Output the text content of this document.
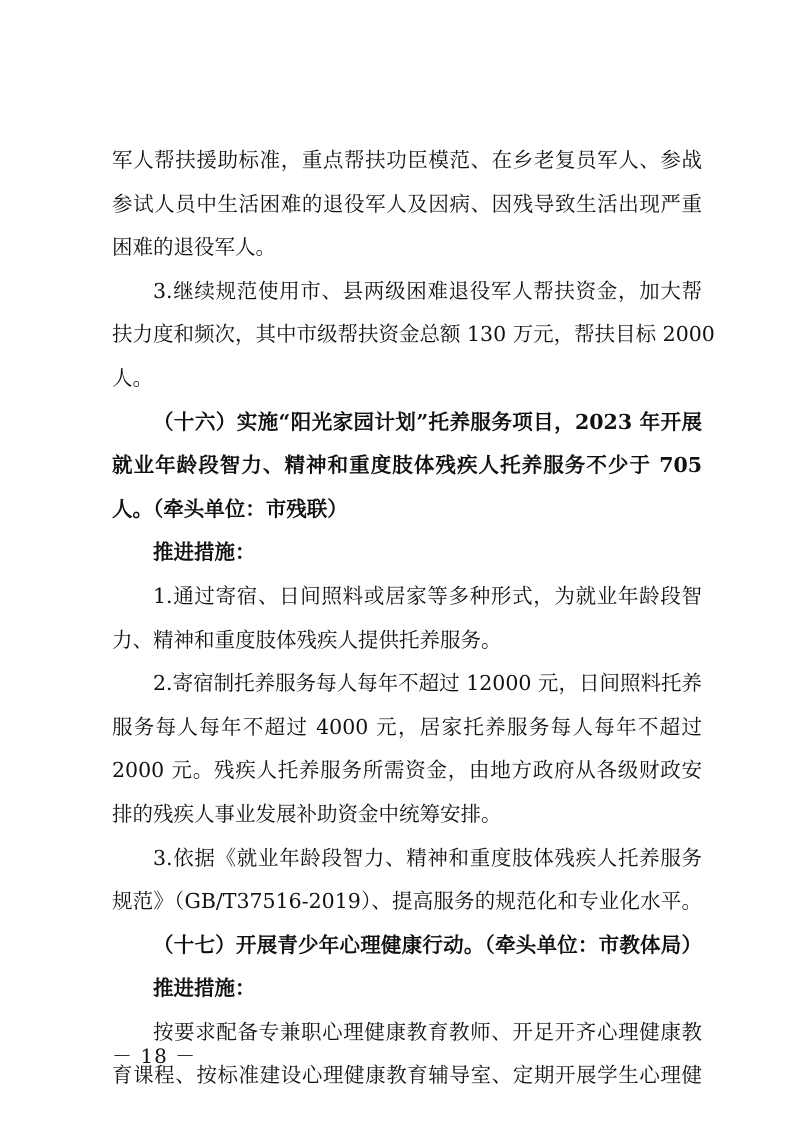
军人帮扶援助标准，重点帮扶功臣模范、在乡老复员军人、参战
参试人员中生活困难的退役军人及因病、因残导致生活出现严重
困难的退役军人。
3.继续规范使用市、县两级困难退役军人帮扶资金，加大帮
扶力度和频次，其中市级帮扶资金总额 130 万元，帮扶目标 2000
人。
（十六）实施“阳光家园计划”托养服务项目，2023 年开展
就业年龄段智力、精神和重度肢体残疾人托养服务不少于 705
人。（牵头单位：市残联）
推进措施：
1.通过寄宿、日间照料或居家等多种形式，为就业年龄段智
力、精神和重度肢体残疾人提供托养服务。
2.寄宿制托养服务每人每年不超过 12000 元，日间照料托养
服务每人每年不超过 4000 元，居家托养服务每人每年不超过
2000 元。残疾人托养服务所需资金，由地方政府从各级财政安
排的残疾人事业发展补助资金中统筹安排。
3.依据《就业年龄段智力、精神和重度肢体残疾人托养服务
规范》（GB/T37516-2019）、提高服务的规范化和专业化水平。
（十七）开展青少年心理健康行动。（牵头单位：市教体局）
推进措施：
按要求配备专兼职心理健康教育教师、开足开齐心理健康教
育课程、按标准建设心理健康教育辅导室、定期开展学生心理健
－ 18 －
